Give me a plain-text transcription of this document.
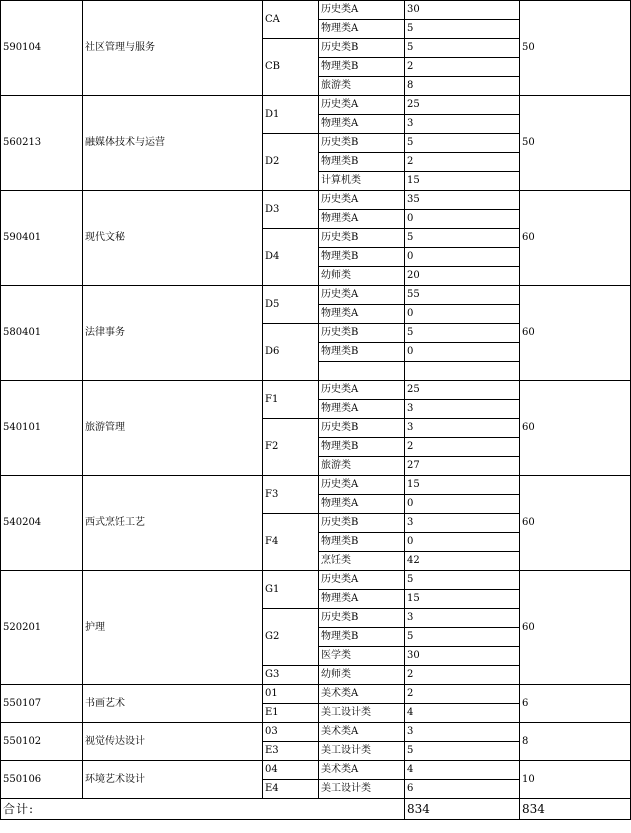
590104	社区管理与服务	CA	历史类A	30	50
			物理类A	5	
		CB	历史类B	5	
			物理类B	2	
			旅游类	8	
560213	融媒体技术与运营	D1	历史类A	25	50
			物理类A	3	
		D2	历史类B	5	
			物理类B	2	
			计算机类	15	
590401	现代文秘	D3	历史类A	35	60
			物理类A	0	
		D4	历史类B	5	
			物理类B	0	
			幼师类	20	
580401	法律事务	D5	历史类A	55	60
			物理类A	0	
		D6	历史类B	5	
			物理类B	0	

540101	旅游管理	F1	历史类A	25	60
			物理类A	3	
		F2	历史类B	3	
			物理类B	2	
			旅游类	27	
540204	西式烹饪工艺	F3	历史类A	15	60
			物理类A	0	
		F4	历史类B	3	
			物理类B	0	
			烹饪类	42	
520201	护理	G1	历史类A	5	60
			物理类A	15	
		G2	历史类B	3	
			物理类B	5	
			医学类	30	
		G3	幼师类	2	
550107	书画艺术	01	美术类A	2	6
		E1	美工设计类	4	
550102	视觉传达设计	03	美术类A	3	8
		E3	美工设计类	5	
550106	环境艺术设计	04	美术类A	4	10
		E4	美工设计类	6	
合计:				834	834
